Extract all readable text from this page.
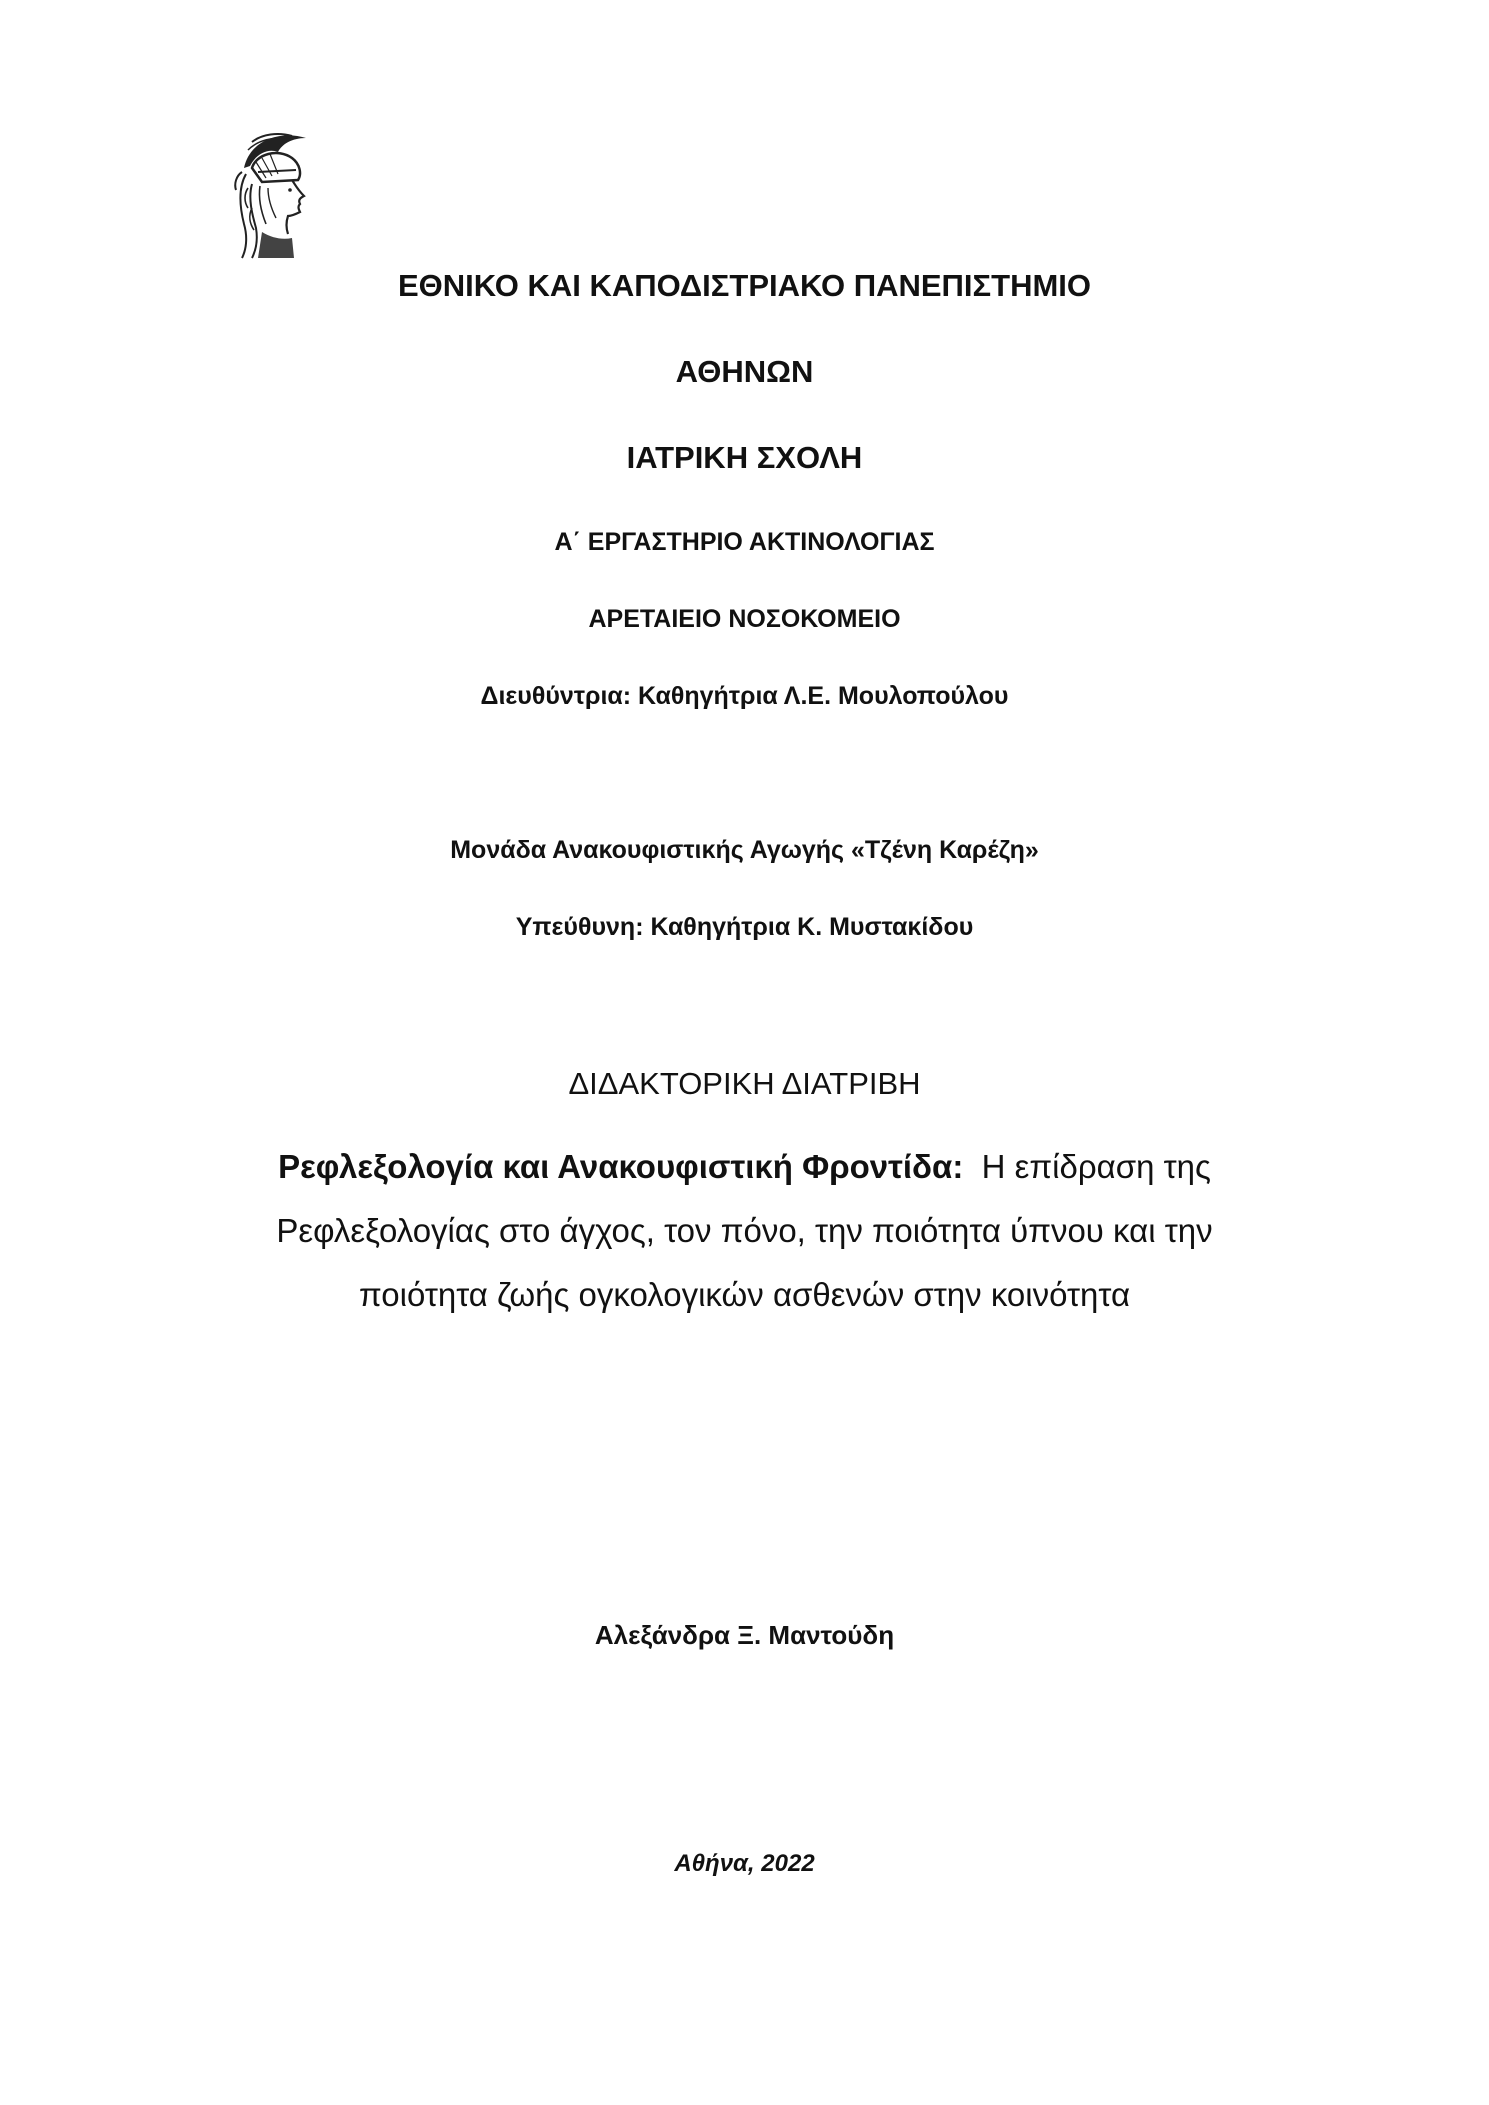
ΕΘΝΙΚΟ ΚΑΙ ΚΑΠΟΔΙΣΤΡΙΑΚΟ ΠΑΝΕΠΙΣΤΗΜΙΟ
ΑΘΗΝΩΝ
ΙΑΤΡΙΚΗ ΣΧΟΛΗ
Α΄ ΕΡΓΑΣΤΗΡΙΟ ΑΚΤΙΝΟΛΟΓΙΑΣ
ΑΡΕΤΑΙΕΙΟ ΝΟΣΟΚΟΜΕΙΟ
Διευθύντρια: Καθηγήτρια Λ.Ε. Μουλοπούλου
Μονάδα Ανακουφιστικής Αγωγής «Τζένη Καρέζη»
Υπεύθυνη: Καθηγήτρια Κ. Μυστακίδου
ΔΙΔΑΚΤΟΡΙΚΗ ΔΙΑΤΡΙΒΗ
Ρεφλεξολογία και Ανακουφιστική Φροντίδα:  Η επίδραση της
Ρεφλεξολογίας στο άγχος, τον πόνο, την ποιότητα ύπνου και την
ποιότητα ζωής ογκολογικών ασθενών στην κοινότητα
Αλεξάνδρα Ξ. Μαντούδη
Αθήνα, 2022
